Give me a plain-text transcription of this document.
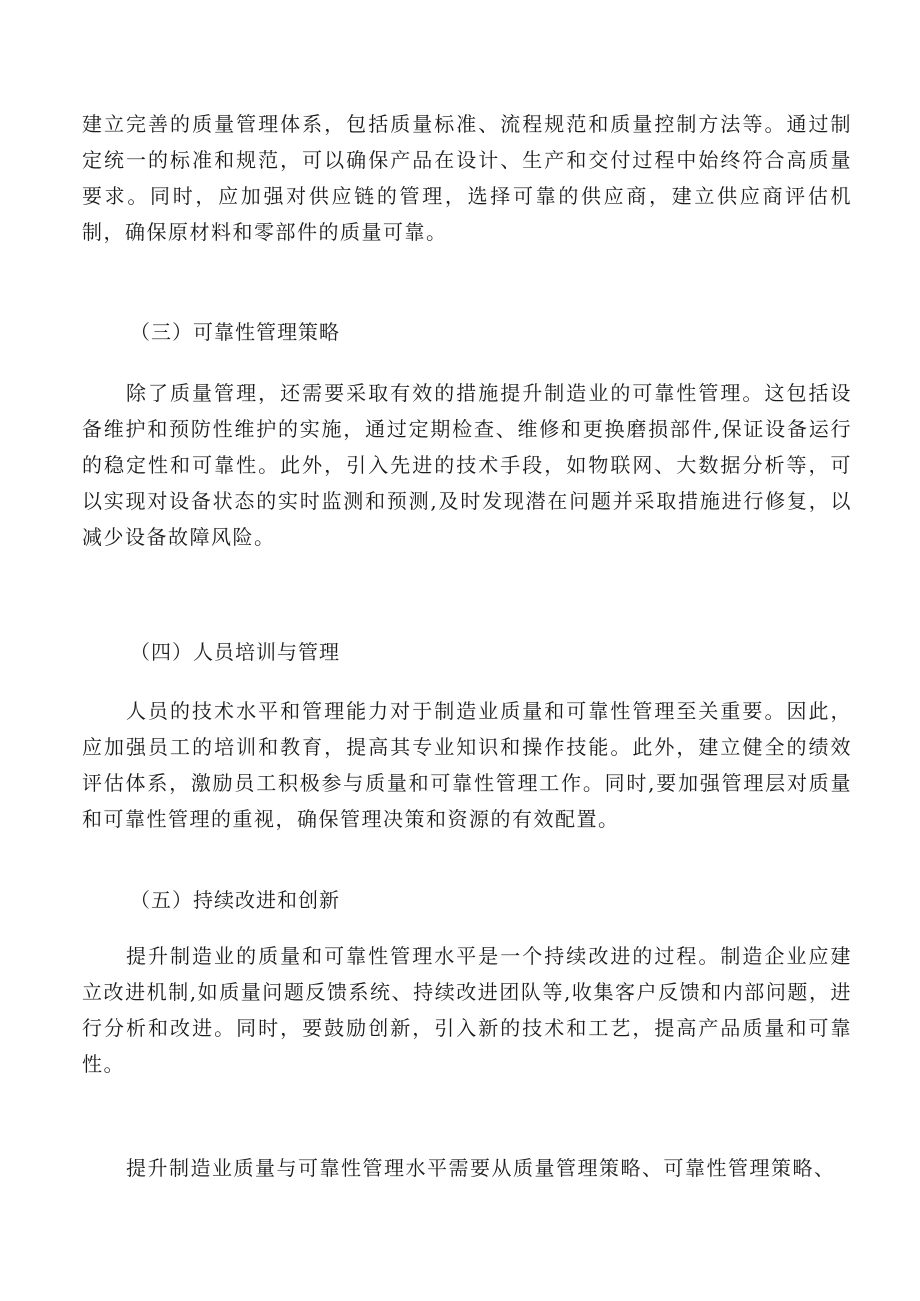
建立完善的质量管理体系，包括质量标准、流程规范和质量控制方法等。通过制定统一的标准和规范，可以确保产品在设计、生产和交付过程中始终符合高质量要求。同时，应加强对供应链的管理，选择可靠的供应商，建立供应商评估机制，确保原材料和零部件的质量可靠。

（三）可靠性管理策略

除了质量管理，还需要采取有效的措施提升制造业的可靠性管理。这包括设备维护和预防性维护的实施，通过定期检查、维修和更换磨损部件,保证设备运行的稳定性和可靠性。此外，引入先进的技术手段，如物联网、大数据分析等，可以实现对设备状态的实时监测和预测,及时发现潜在问题并采取措施进行修复，以减少设备故障风险。

（四）人员培训与管理

人员的技术水平和管理能力对于制造业质量和可靠性管理至关重要。因此，应加强员工的培训和教育，提高其专业知识和操作技能。此外，建立健全的绩效评估体系，激励员工积极参与质量和可靠性管理工作。同时,要加强管理层对质量和可靠性管理的重视，确保管理决策和资源的有效配置。

（五）持续改进和创新

提升制造业的质量和可靠性管理水平是一个持续改进的过程。制造企业应建立改进机制,如质量问题反馈系统、持续改进团队等,收集客户反馈和内部问题，进行分析和改进。同时，要鼓励创新，引入新的技术和工艺，提高产品质量和可靠性。

提升制造业质量与可靠性管理水平需要从质量管理策略、可靠性管理策略、
